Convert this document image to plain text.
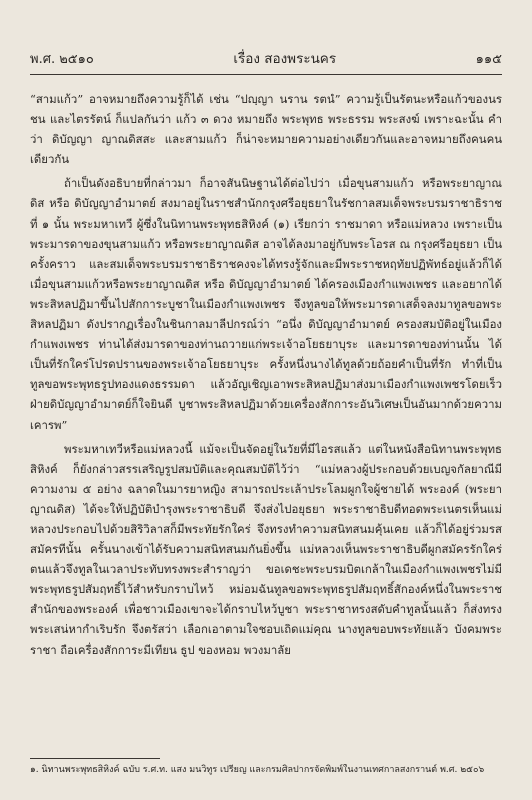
พ.ศ. ๒๕๑๐	เรื่อง สองพระนคร	๑๑๕

“สามแก้ว” อาจหมายถึงความรู้ก็ได้ เช่น “ปญฺญา นราน รตนํ” ความรู้เป็นรัตนะหรือแก้วของนรชน และไตรรัตน์ ก็แปลกันว่า แก้ว ๓ ดวง หมายถึง พระพุทธ พระธรรม พระสงฆ์ เพราะฉะนั้น คำว่า ดิบัญญา ญาณดิสสะ และสามแก้ว ก็น่าจะหมายความอย่างเดียวกันและอาจหมายถึงคนคนเดียวกัน

ถ้าเป็นดังอธิบายที่กล่าวมา ก็อาจสันนิษฐานได้ต่อไปว่า เมื่อขุนสามแก้ว หรือพระยาญาณดิส หรือ ดิบัญญาอำมาตย์ สงมาอยู่ในราชสำนักกรุงศรีอยุธยาในรัชกาลสมเด็จพระบรมราชาธิราชที่ ๑ นั้น พระมหาเทวี ผู้ซึ่งในนิทานพระพุทธสิหิงค์ (๑) เรียกว่า ราชมาดา หรือแม่หลวง เพราะเป็นพระมารดาของขุนสามแก้ว หรือพระยาญาณดิส อาจได้ลงมาอยู่กับพระโอรส ณ กรุงศรีอยุธยา เป็นครั้งคราว และสมเด็จพระบรมราชาธิราชคงจะได้ทรงรู้จักและมีพระราชหฤทัยปฏิพัทธ์อยู่แล้วก็ได้ เมื่อขุนสามแก้วหรือพระยาญาณดิส หรือ ดิบัญญาอำมาตย์ ได้ครองเมืองกำแพงเพชร และอยากได้พระสิหลปฏิมาขึ้นไปสักการะบูชาในเมืองกำแพงเพชร จึงทูลขอให้พระมารดาเสด็จลงมาทูลขอพระสิหลปฏิมา ดังปรากฏเรื่องในชินกาลมาลีปกรณ์ว่า “อนึ่ง ดิบัญญาอำมาตย์ ครองสมบัติอยู่ในเมืองกำแพงเพชร ท่านได้ส่งมารดาของท่านถวายแก่พระเจ้าอโยธยาบุระ และมารดาของท่านนั้น ได้เป็นที่รักใคร่โปรดปรานของพระเจ้าอโยธยาบุระ ครั้งหนึ่งนางได้ทูลด้วยถ้อยคำเป็นที่รัก ทำที่เป็นทูลขอพระพุทธรูปทองแดงธรรมดา แล้วอัญเชิญเอาพระสิหลปฏิมาส่งมาเมืองกำแพงเพชรโดยเร็ว ฝ่ายดิบัญญาอำมาตย์ก็ใจยินดี บูชาพระสิหลปฏิมาด้วยเครื่องสักการะอันวิเศษเป็นอันมากด้วยความเคารพ”

พระมหาเทวีหรือแม่หลวงนี้ แม้จะเป็นจัดอยู่ในวัยที่มีไอรสแล้ว แต่ในหนังสือนิทานพระพุทธสิหิงค์ ก็ยังกล่าวสรรเสริญรูปสมบัติและคุณสมบัติไว้ว่า “แม่หลวงผู้ประกอบด้วยเบญจกัลยาณีมีความงาม ๕ อย่าง ฉลาดในมารยาหญิง สามารถประเล้าประโลมผูกใจผู้ชายได้ พระองค์ (พระยาญาณดิส) ได้จะให้ปฏิบัติบำรุงพระราชาธิบดี จึงส่งไปอยุธยา พระราชาธิบดีทอดพระเนตรเห็นแม่หลวงประกอบไปด้วยสิริวิลาสก็มีพระทัยรักใคร่ จึงทรงทำความสนิทสนมคุ้นเคย แล้วก็ได้อยู่ร่วมรสสมัครทีนั้น ครั้นนางเข้าได้รับความสนิทสนมกันยิ่งขึ้น แม่หลวงเห็นพระราชาธิบดีผูกสมัครรักใคร่ตนแล้วจึงทูลในเวลาประทับทรงพระสำราญว่า ขอเดชะพระบรมบิตเกล้าในเมืองกำแพงเพชรไม่มีพระพุทธรูปสัมฤทธิ์ไว้สำหรับกราบไหว้ หม่อมฉันทูลขอพระพุทธรูปสัมฤทธิ์สักองค์หนึ่งในพระราชสำนักของพระองค์ เพื่อชาวเมืองเขาจะได้กราบไหว้บูชา พระราชาทรงสดับคำทูลนั้นแล้ว ก็ส่งทรงพระเสน่หากำเริบรัก จึงตรัสว่า เลือกเอาตามใจชอบเถิดแม่คุณ นางทูลขอบพระทัยแล้ว บังคมพระราชา ถือเครื่องสักการะมีเทียน ธูป ของหอม พวงมาลัย

๑. นิทานพระพุทธสิหิงค์ ฉบับ ร.ศ.ท. แสง มนวิทูร เปรียญ และกรมศิลปากรจัดพิมพ์ในงานเทศกาลสงกรานต์ พ.ศ. ๒๕๐๖
